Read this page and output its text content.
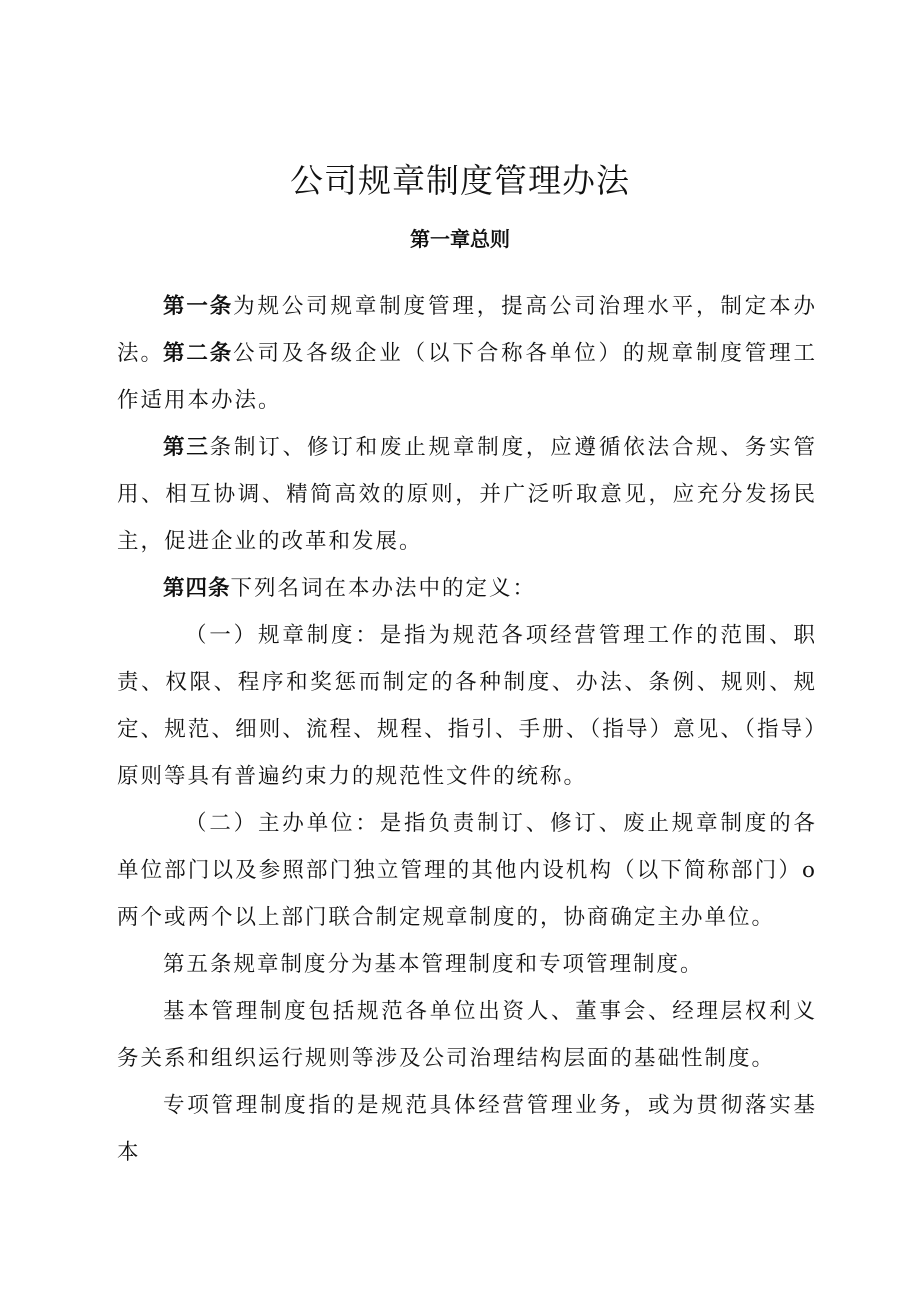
公司规章制度管理办法
第一章总则

第一条为规公司规章制度管理，提高公司治理水平，制定本办法。

第二条公司及各级企业（以下合称各单位）的规章制度管理工作适用本办法。

第三条制订、修订和废止规章制度，应遵循依法合规、务实管用、相互协调、精简高效的原则，并广泛听取意见，应充分发扬民主，促进企业的改革和发展。

第四条下列名词在本办法中的定义：

（一）规章制度：是指为规范各项经营管理工作的范围、职责、权限、程序和奖惩而制定的各种制度、办法、条例、规则、规定、规范、细则、流程、规程、指引、手册、（指导）意见、（指导）原则等具有普遍约束力的规范性文件的统称。

（二）主办单位：是指负责制订、修订、废止规章制度的各单位部门以及参照部门独立管理的其他内设机构（以下简称部门）o两个或两个以上部门联合制定规章制度的，协商确定主办单位。

第五条规章制度分为基本管理制度和专项管理制度。

基本管理制度包括规范各单位出资人、董事会、经理层权利义务关系和组织运行规则等涉及公司治理结构层面的基础性制度。

专项管理制度指的是规范具体经营管理业务，或为贯彻落实基本
